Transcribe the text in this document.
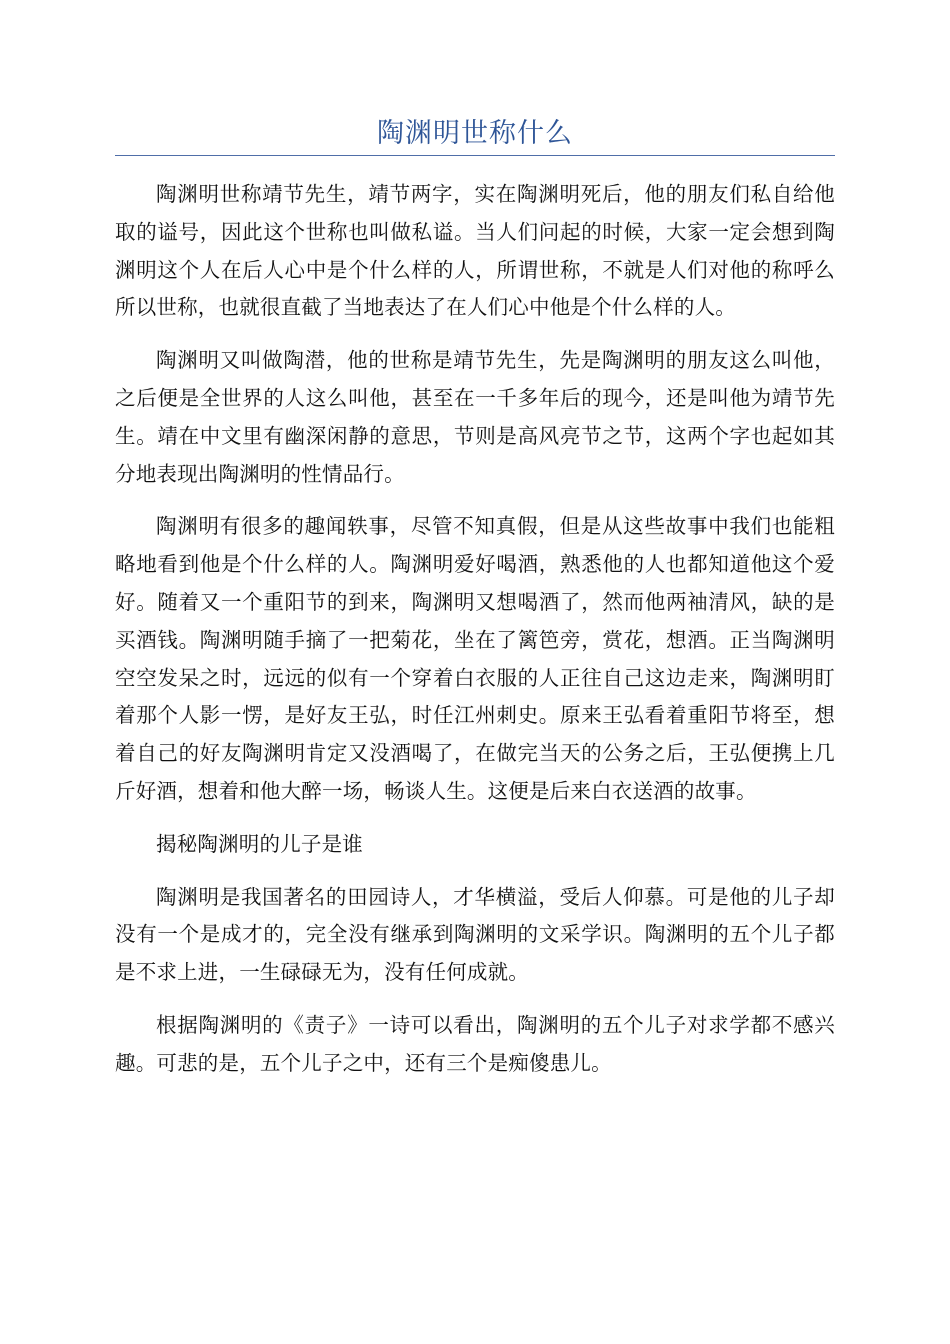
陶渊明世称什么

陶渊明世称靖节先生，靖节两字，实在陶渊明死后，他的朋友们私自给他取的谥号，因此这个世称也叫做私谥。当人们问起的时候，大家一定会想到陶渊明这个人在后人心中是个什么样的人，所谓世称，不就是人们对他的称呼么所以世称，也就很直截了当地表达了在人们心中他是个什么样的人。

陶渊明又叫做陶潜，他的世称是靖节先生，先是陶渊明的朋友这么叫他，之后便是全世界的人这么叫他，甚至在一千多年后的现今，还是叫他为靖节先生。靖在中文里有幽深闲静的意思，节则是高风亮节之节，这两个字也起如其分地表现出陶渊明的性情品行。

陶渊明有很多的趣闻轶事，尽管不知真假，但是从这些故事中我们也能粗略地看到他是个什么样的人。陶渊明爱好喝酒，熟悉他的人也都知道他这个爱好。随着又一个重阳节的到来，陶渊明又想喝酒了，然而他两袖清风，缺的是买酒钱。陶渊明随手摘了一把菊花，坐在了篱笆旁，赏花，想酒。正当陶渊明空空发呆之时，远远的似有一个穿着白衣服的人正往自己这边走来，陶渊明盯着那个人影一愣，是好友王弘，时任江州刺史。原来王弘看着重阳节将至，想着自己的好友陶渊明肯定又没酒喝了，在做完当天的公务之后，王弘便携上几斤好酒，想着和他大醉一场，畅谈人生。这便是后来白衣送酒的故事。

揭秘陶渊明的儿子是谁

陶渊明是我国著名的田园诗人，才华横溢，受后人仰慕。可是他的儿子却没有一个是成才的，完全没有继承到陶渊明的文采学识。陶渊明的五个儿子都是不求上进，一生碌碌无为，没有任何成就。

根据陶渊明的《责子》一诗可以看出，陶渊明的五个儿子对求学都不感兴趣。可悲的是，五个儿子之中，还有三个是痴傻患儿。
